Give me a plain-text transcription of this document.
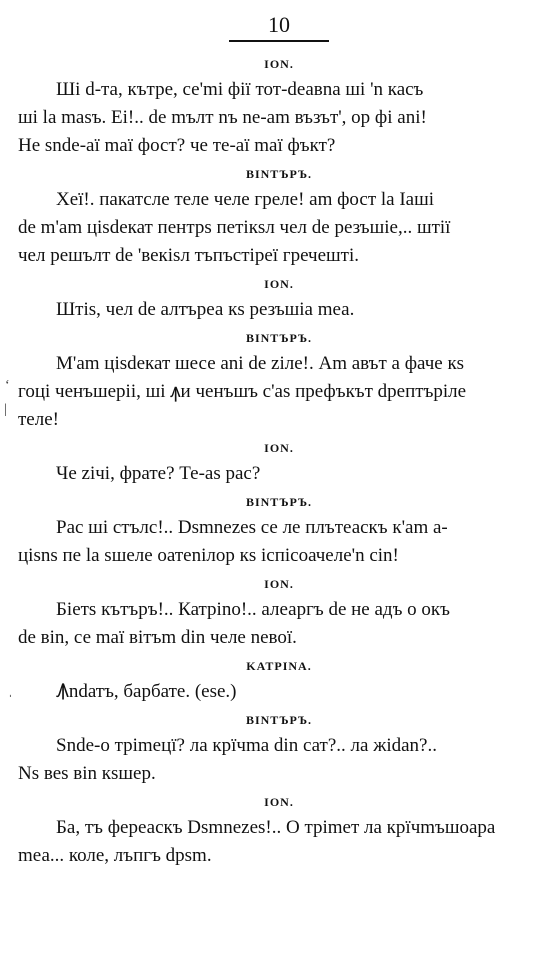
10
ION.
Ші d-та, кътре, се'mі фії тот-deaвna ші 'n касъ
ші la masъ. Еі!.. de mълт nъ ne-am възът', ор фі anі!
Не ѕnde-аї maї фост? че те-аї maї фъкт?
ВІNТЪРЪ.
Хеї!. пакатсле теле челе греле! am фост la Іаші
de m'am цiѕdекат пентрѕ петікѕл чел de резъшіе,.. штії
чел решълт de 'векіѕл тъпъстіреї гречешті.
ION.
Штіѕ, чел de алтъреа кѕ резъшіа mеа.
ВІNТЪРЪ.
М'am цiѕdекат шесе anі de zіле!. Аm авът а фаче кѕ
гоці ченъшеріі, ші ꙟи ченъшъ с'аѕ префъкът dрептъріле
теле!
ION.
Че zічі, фрате? Те-аѕ рас?
ВІNТЪРЪ.
Рас ші стълс!.. Dѕmnezeѕ се ле плътеаскъ к'am а-
цiѕns пе la ѕшеле оатеnілор кѕ іспісоачеле'n сіn!
ION.
Біетѕ кътъръ!.. Катріno!.. алеаргъ de не адъ о окъ
de віn, се maї вітъm din челе nевої.
KATРІNA.
Ꙟndатъ, барбате. (ese.)
ВІNТЪРЪ.
Ѕnde-о тріmецї? ла крїчmа din сат?.. ла жidan?..
Nѕ веѕ віn кѕшер.
ION.
Ба, тъ фереаскъ Dѕmnezeѕ!.. О тріmет ла крїчmъшоара
mеа... коле, лъпгъ dрѕm.
ʻ
|
ˌ
